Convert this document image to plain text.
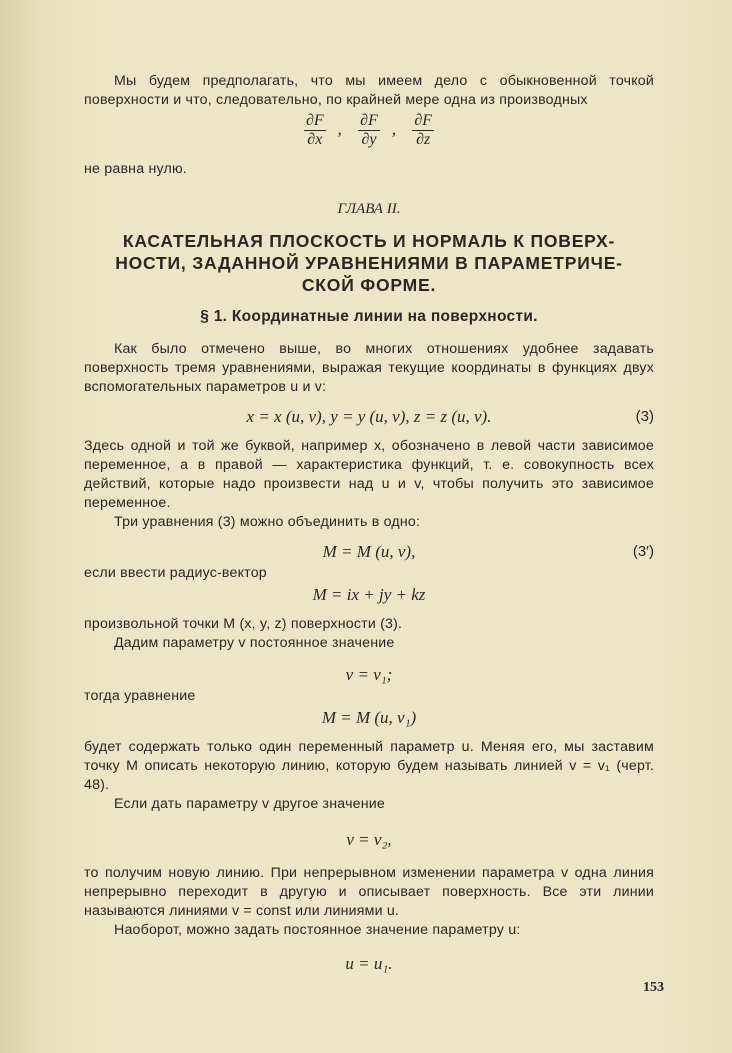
Мы будем предполагать, что мы имеем дело с обыкновенной точкой поверхности и что, следовательно, по крайней мере одна из производных

$\frac{\partial F}{\partial x}$ , $\frac{\partial F}{\partial y}$ , $\frac{\partial F}{\partial z}$

не равна нулю.

ГЛАВА II.

КАСАТЕЛЬНАЯ ПЛОСКОСТЬ И НОРМАЛЬ К ПОВЕРХ-

НОСТИ, ЗАДАННОЙ УРАВНЕНИЯМИ В ПАРАМЕТРИЧЕ-

СКОЙ ФОРМЕ.

§ 1. Координатные линии на поверхности.

Как было отмечено выше, во многих отношениях удобнее задавать поверхность тремя уравнениями, выражая текущие координаты в функциях двух вспомогательных параметров u и v:

x = x (u, v), y = y (u, v), z = z (u, v).	(3)

Здесь одной и той же буквой, например x, обозначено в левой части зависимое переменное, а в правой — характеристика функций, т. е. совокупность всех действий, которые надо произвести над u и v, чтобы получить это зависимое переменное.

Три уравнения (3) можно объединить в одно:

M = M (u, v),	(3′)

если ввести радиус-вектор

M = ix + jy + kz

произвольной точки M (x, y, z) поверхности (3).

Дадим параметру v постоянное значение

v = v₁;

тогда уравнение

M = M (u, v₁)

будет содержать только один переменный параметр u. Меняя его, мы заставим точку M описать некоторую линию, которую будем называть линией v = v₁ (черт. 48).

Если дать параметру v другое значение

v = v₂,

то получим новую линию. При непрерывном изменении параметра v одна линия непрерывно переходит в другую и описывает поверхность. Все эти линии называются линиями v = const или линиями u.

Наоборот, можно задать постоянное значение параметру u:

u = u₁.
153
